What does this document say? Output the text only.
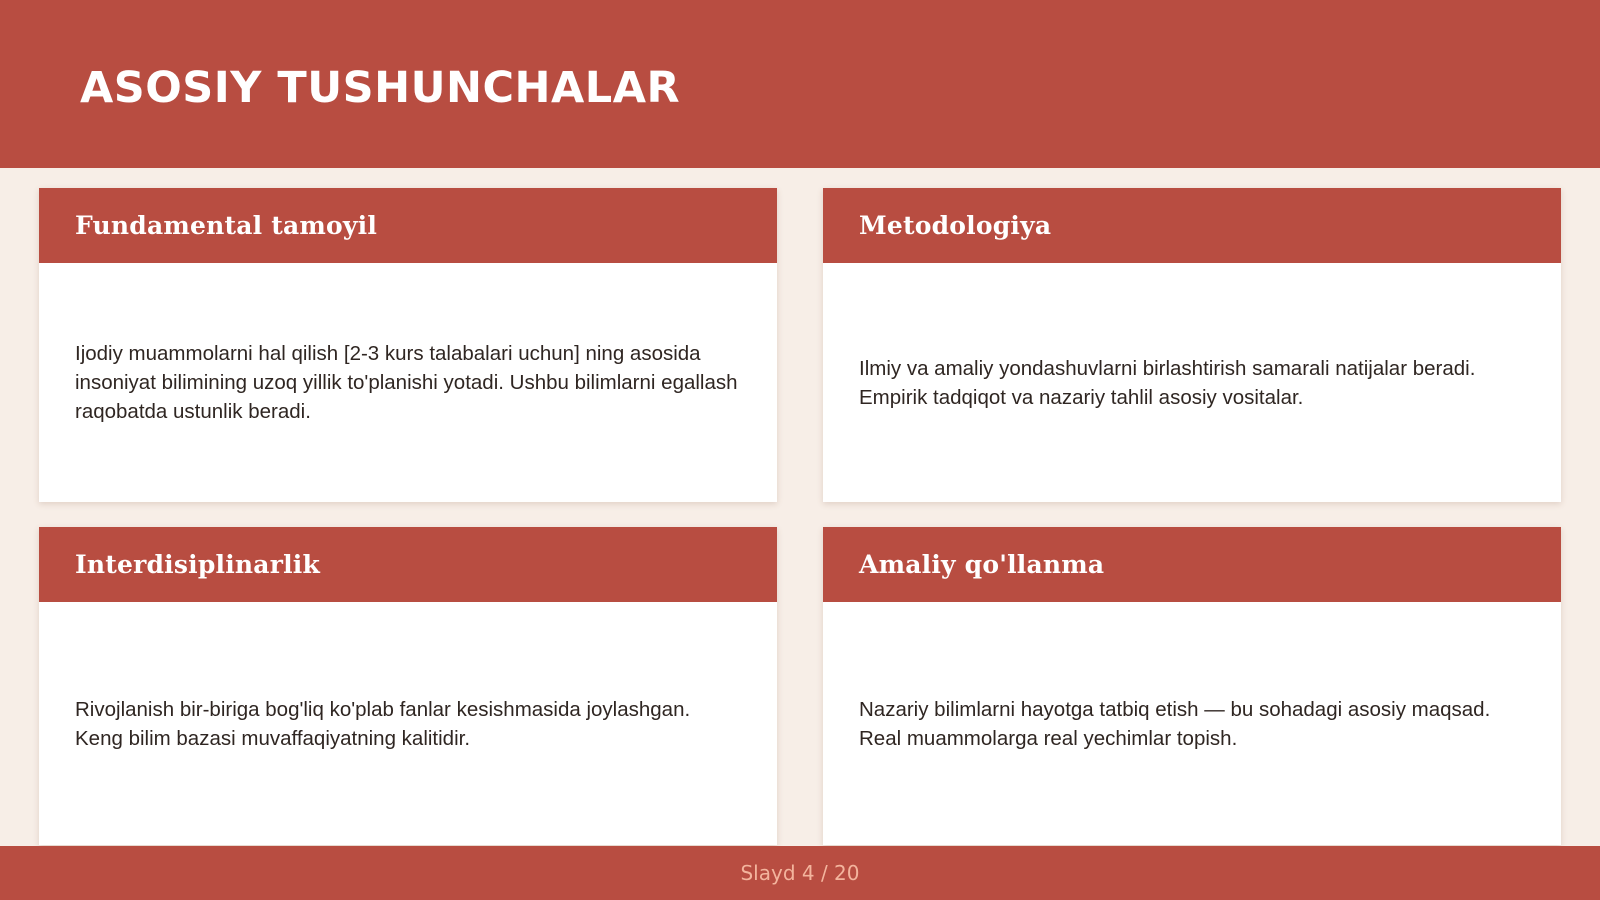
ASOSIY TUSHUNCHALAR
Fundamental tamoyil

Ijodiy muammolarni hal qilish [2-3 kurs talabalari uchun] ning asosida insoniyat bilimining uzoq yillik to'planishi yotadi. Ushbu bilimlarni egallash raqobatda ustunlik beradi.

Metodologiya

Ilmiy va amaliy yondashuvlarni birlashtirish samarali natijalar beradi. Empirik tadqiqot va nazariy tahlil asosiy vositalar.

Interdisiplinarlik

Rivojlanish bir-biriga bog'liq ko'plab fanlar kesishmasida joylashgan. Keng bilim bazasi muvaffaqiyatning kalitidir.

Amaliy qo'llanma

Nazariy bilimlarni hayotga tatbiq etish — bu sohadagi asosiy maqsad. Real muammolarga real yechimlar topish.

Slayd 4 / 20
